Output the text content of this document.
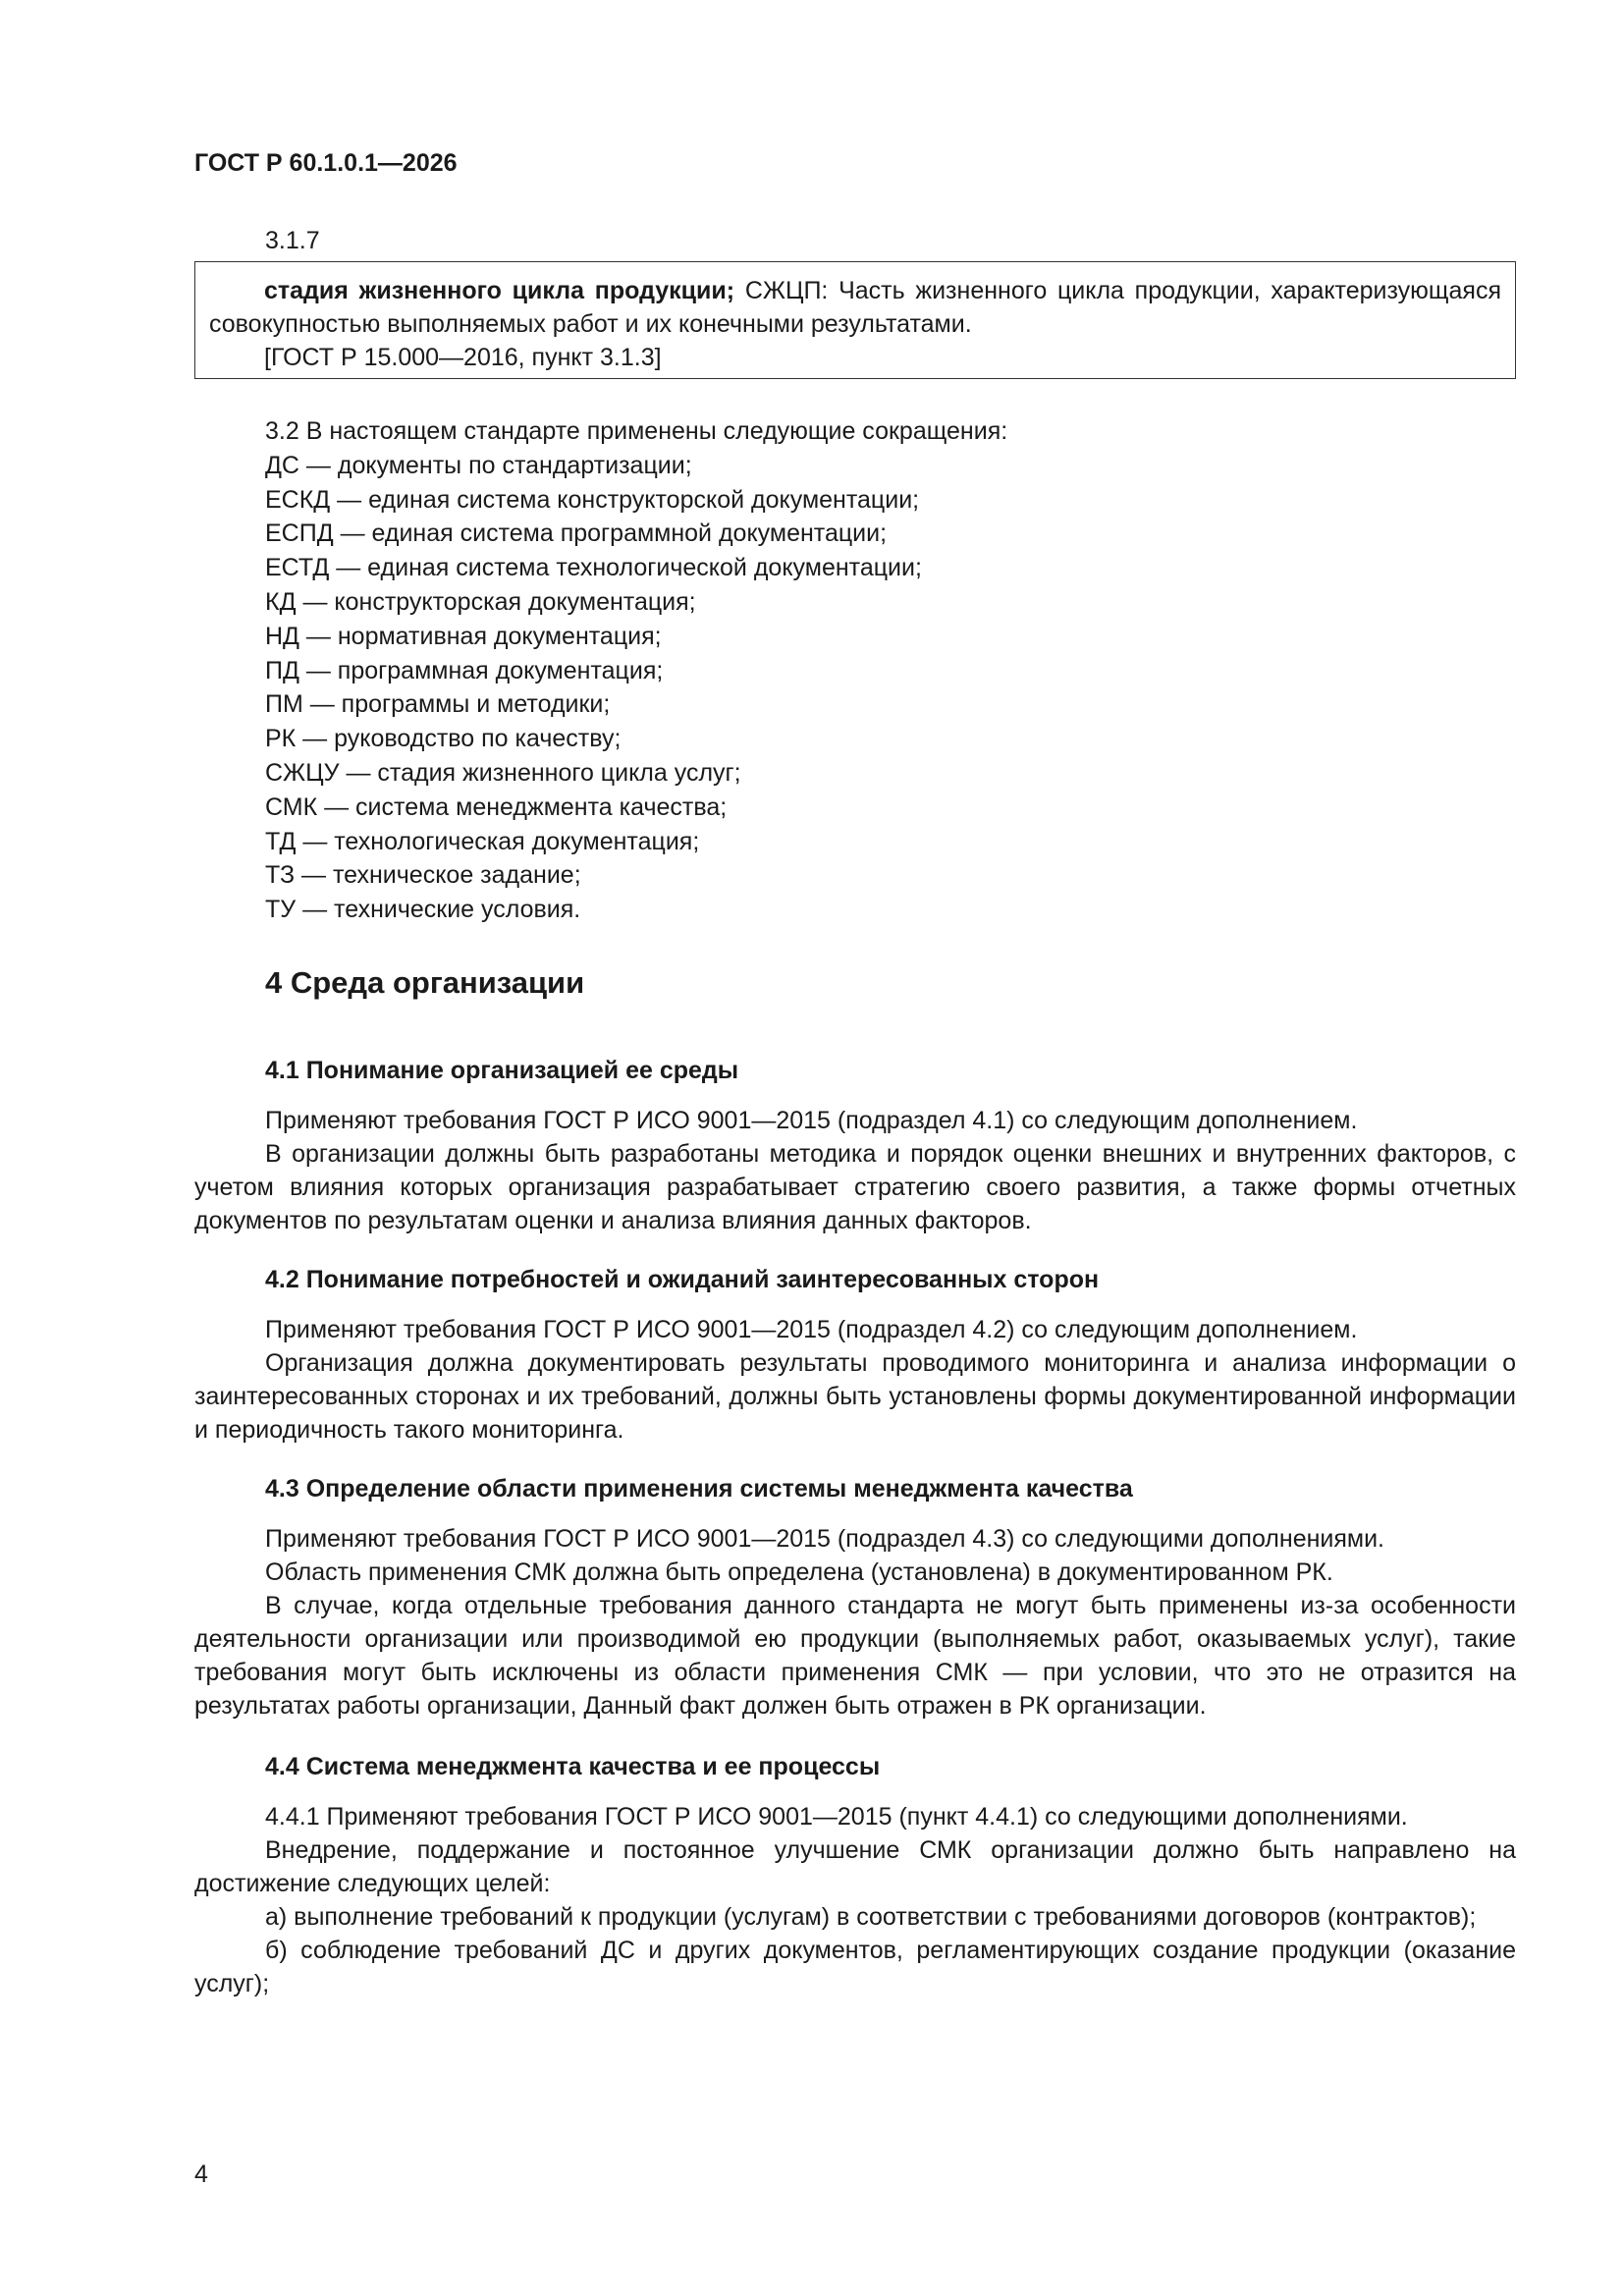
ГОСТ Р 60.1.0.1—2026
3.1.7

стадия жизненного цикла продукции; СЖЦП: Часть жизненного цикла продукции, характеризующаяся совокупностью выполняемых работ и их конечными результатами.

[ГОСТ Р 15.000—2016, пункт 3.1.3]

3.2 В настоящем стандарте применены следующие сокращения:
ДС — документы по стандартизации;
ЕСКД — единая система конструкторской документации;
ЕСПД — единая система программной документации;
ЕСТД — единая система технологической документации;
КД — конструкторская документация;
НД — нормативная документация;
ПД — программная документация;
ПМ — программы и методики;
РК — руководство по качеству;
СЖЦУ — стадия жизненного цикла услуг;
СМК — система менеджмента качества;
ТД — технологическая документация;
ТЗ — техническое задание;
ТУ — технические условия.
4 Среда организации
4.1 Понимание организацией ее среды

Применяют требования ГОСТ Р ИСО 9001—2015 (подраздел 4.1) со следующим дополнением.

В организации должны быть разработаны методика и порядок оценки внешних и внутренних факторов, с учетом влияния которых организация разрабатывает стратегию своего развития, а также формы отчетных документов по результатам оценки и анализа влияния данных факторов.

4.2 Понимание потребностей и ожиданий заинтересованных сторон

Применяют требования ГОСТ Р ИСО 9001—2015 (подраздел 4.2) со следующим дополнением.

Организация должна документировать результаты проводимого мониторинга и анализа информации о заинтересованных сторонах и их требований, должны быть установлены формы документированной информации и периодичность такого мониторинга.

4.3 Определение области применения системы менеджмента качества

Применяют требования ГОСТ Р ИСО 9001—2015 (подраздел 4.3) со следующими дополнениями.

Область применения СМК должна быть определена (установлена) в документированном РК.

В случае, когда отдельные требования данного стандарта не могут быть применены из-за особенности деятельности организации или производимой ею продукции (выполняемых работ, оказываемых услуг), такие требования могут быть исключены из области применения СМК — при условии, что это не отразится на результатах работы организации, Данный факт должен быть отражен в РК организации.

4.4 Система менеджмента качества и ее процессы

4.4.1 Применяют требования ГОСТ Р ИСО 9001—2015 (пункт 4.4.1) со следующими дополнениями.

Внедрение, поддержание и постоянное улучшение СМК организации должно быть направлено на достижение следующих целей:

а) выполнение требований к продукции (услугам) в соответствии с требованиями договоров (контрактов);

б) соблюдение требований ДС и других документов, регламентирующих создание продукции (оказание услуг);

4
